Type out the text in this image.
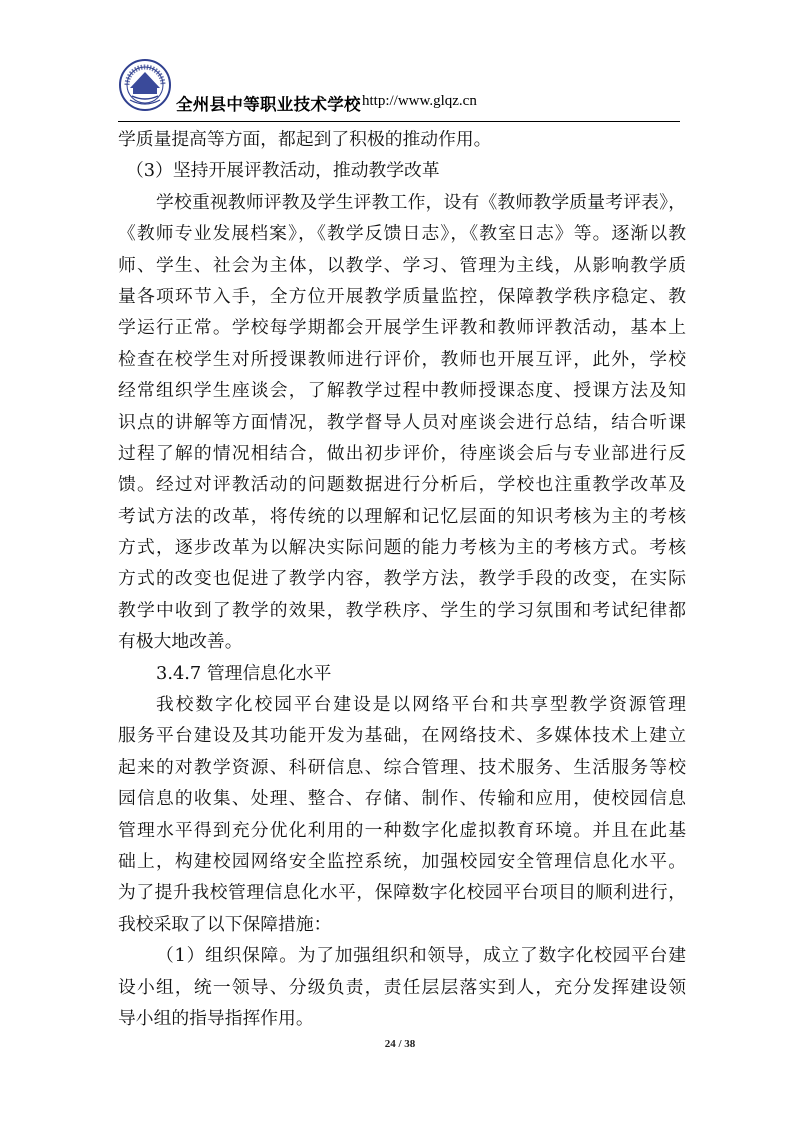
全州县中等职业技术学校 http://www.glqz.cn
学质量提高等方面，都起到了积极的推动作用。
（3）坚持开展评教活动，推动教学改革
学校重视教师评教及学生评教工作，设有《教师教学质量考评表》，
《教师专业发展档案》，《教学反馈日志》，《教室日志》等。逐渐以教
师、学生、社会为主体，以教学、学习、管理为主线，从影响教学质
量各项环节入手，全方位开展教学质量监控，保障教学秩序稳定、教
学运行正常。学校每学期都会开展学生评教和教师评教活动，基本上
检查在校学生对所授课教师进行评价，教师也开展互评，此外，学校
经常组织学生座谈会，了解教学过程中教师授课态度、授课方法及知
识点的讲解等方面情况，教学督导人员对座谈会进行总结，结合听课
过程了解的情况相结合，做出初步评价，待座谈会后与专业部进行反
馈。经过对评教活动的问题数据进行分析后，学校也注重教学改革及
考试方法的改革，将传统的以理解和记忆层面的知识考核为主的考核
方式，逐步改革为以解决实际问题的能力考核为主的考核方式。考核
方式的改变也促进了教学内容，教学方法，教学手段的改变，在实际
教学中收到了教学的效果，教学秩序、学生的学习氛围和考试纪律都
有极大地改善。
3.4.7 管理信息化水平
我校数字化校园平台建设是以网络平台和共享型教学资源管理
服务平台建设及其功能开发为基础，在网络技术、多媒体技术上建立
起来的对教学资源、科研信息、综合管理、技术服务、生活服务等校
园信息的收集、处理、整合、存储、制作、传输和应用，使校园信息
管理水平得到充分优化利用的一种数字化虚拟教育环境。并且在此基
础上，构建校园网络安全监控系统，加强校园安全管理信息化水平。
为了提升我校管理信息化水平，保障数字化校园平台项目的顺利进行，
我校采取了以下保障措施：
（1）组织保障。为了加强组织和领导，成立了数字化校园平台建
设小组，统一领导、分级负责，责任层层落实到人，充分发挥建设领
导小组的指导指挥作用。
24 / 38
